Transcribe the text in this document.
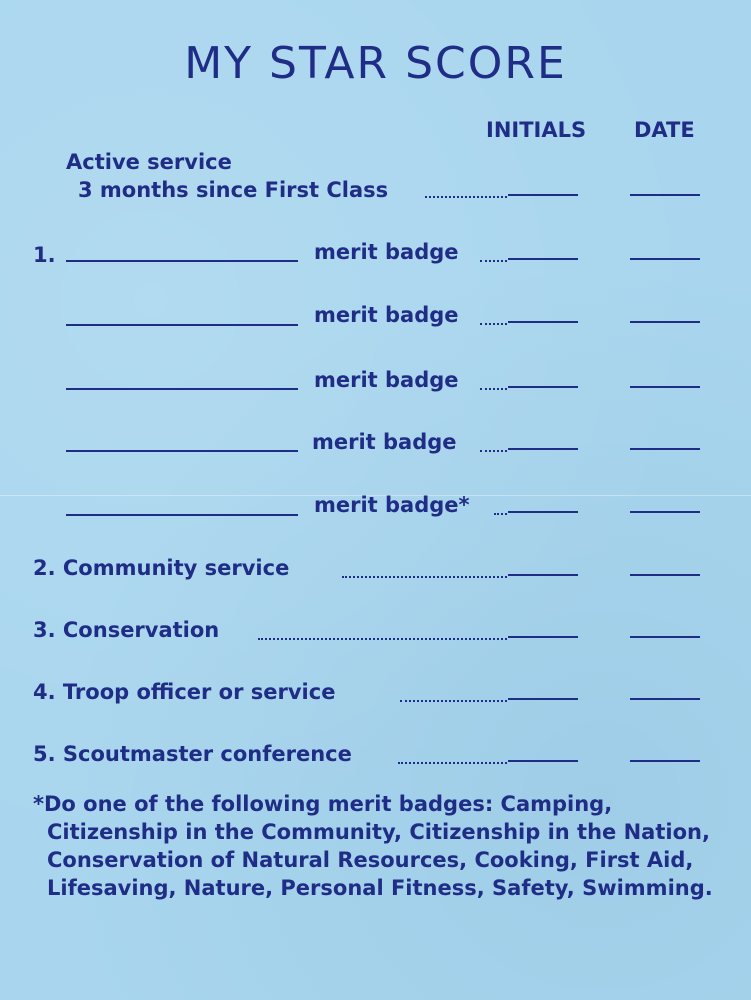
MY STAR SCORE
INITIALS DATE
Active service
3 months since First Class
1.	merit badge
merit badge
merit badge
merit badge
merit badge*
2. Community service
3. Conservation
4. Troop officer or service
5. Scoutmaster conference
*Do one of the following merit badges: Camping, Citizenship in the Community, Citizenship in the Nation, Conservation of Natural Resources, Cooking, First Aid, Lifesaving, Nature, Personal Fitness, Safety, Swimming.
